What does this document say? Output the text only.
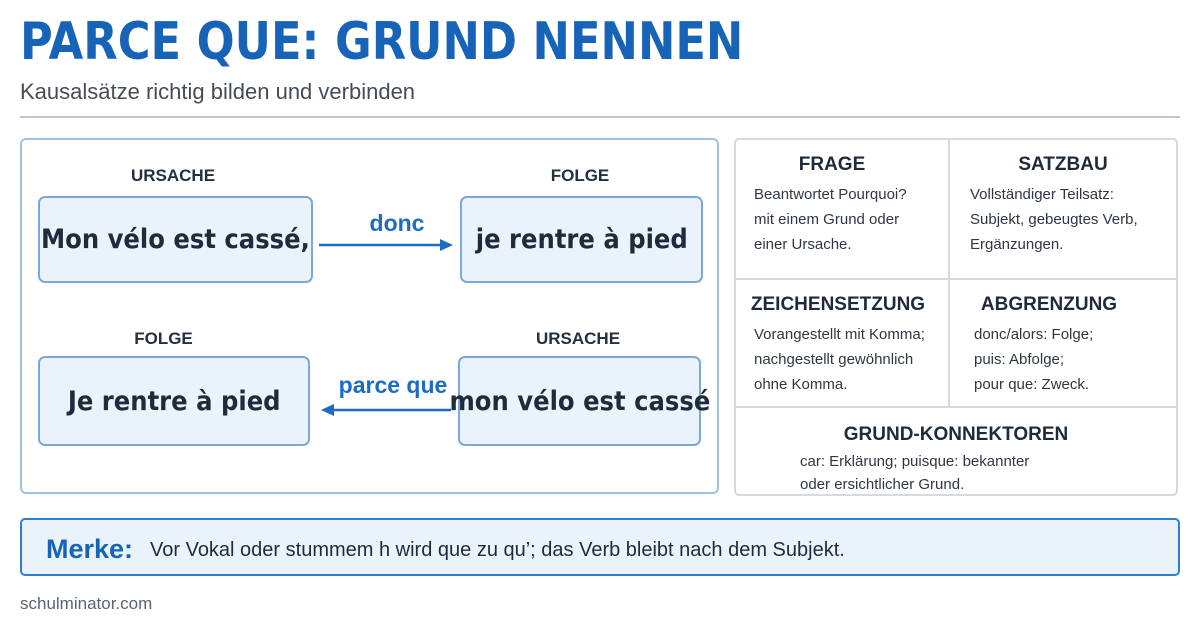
PARCE QUE: GRUND NENNEN
Kausalsätze richtig bilden und verbinden
URSACHE
Mon vélo est cassé,
donc
FOLGE
je rentre à pied
FOLGE
Je rentre à pied
parce que
URSACHE
mon vélo est cassé
FRAGE
Beantwortet Pourquoi?
mit einem Grund oder
einer Ursache.
SATZBAU
Vollständiger Teilsatz:
Subjekt, gebeugtes Verb,
Ergänzungen.
ZEICHENSETZUNG
Vorangestellt mit Komma;
nachgestellt gewöhnlich
ohne Komma.
ABGRENZUNG
donc/alors: Folge;
puis: Abfolge;
pour que: Zweck.
GRUND-KONNEKTOREN
car: Erklärung; puisque: bekannter
oder ersichtlicher Grund.
Merke: Vor Vokal oder stummem h wird que zu qu’; das Verb bleibt nach dem Subjekt.
schulminator.com
